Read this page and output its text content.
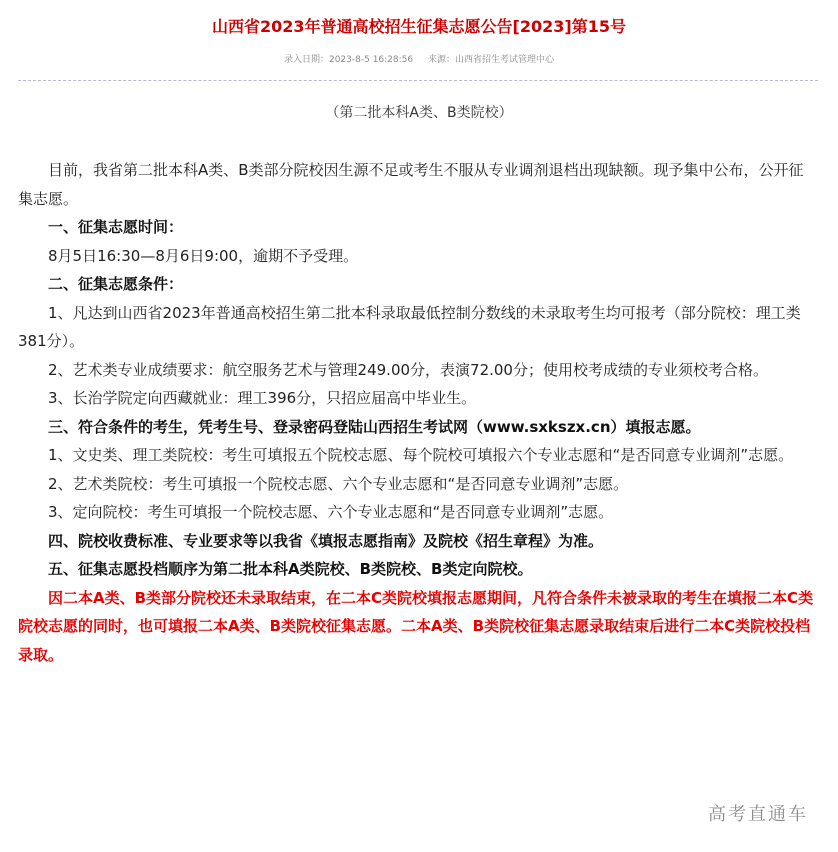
山西省2023年普通高校招生征集志愿公告[2023]第15号
录入日期：2023-8-5 16:28:56 来源：山西省招生考试管理中心
（第二批本科A类、B类院校）

目前，我省第二批本科A类、B类部分院校因生源不足或考生不服从专业调剂退档出现缺额。现予集中公布，公开征集志愿。

一、征集志愿时间：

8月5日16:30—8月6日9:00，逾期不予受理。

二、征集志愿条件：

1、凡达到山西省2023年普通高校招生第二批本科录取最低控制分数线的未录取考生均可报考（部分院校：理工类381分）。

2、艺术类专业成绩要求：航空服务艺术与管理249.00分，表演72.00分；使用校考成绩的专业须校考合格。

3、长治学院定向西藏就业：理工396分，只招应届高中毕业生。

三、符合条件的考生，凭考生号、登录密码登陆山西招生考试网（www.sxkszx.cn）填报志愿。

1、文史类、理工类院校：考生可填报五个院校志愿、每个院校可填报六个专业志愿和“是否同意专业调剂”志愿。

2、艺术类院校：考生可填报一个院校志愿、六个专业志愿和“是否同意专业调剂”志愿。

3、定向院校：考生可填报一个院校志愿、六个专业志愿和“是否同意专业调剂”志愿。

四、院校收费标准、专业要求等以我省《填报志愿指南》及院校《招生章程》为准。

五、征集志愿投档顺序为第二批本科A类院校、B类院校、B类定向院校。

因二本A类、B类部分院校还未录取结束，在二本C类院校填报志愿期间，凡符合条件未被录取的考生在填报二本C类院校志愿的同时，也可填报二本A类、B类院校征集志愿。二本A类、B类院校征集志愿录取结束后进行二本C类院校投档录取。

高考直通车
